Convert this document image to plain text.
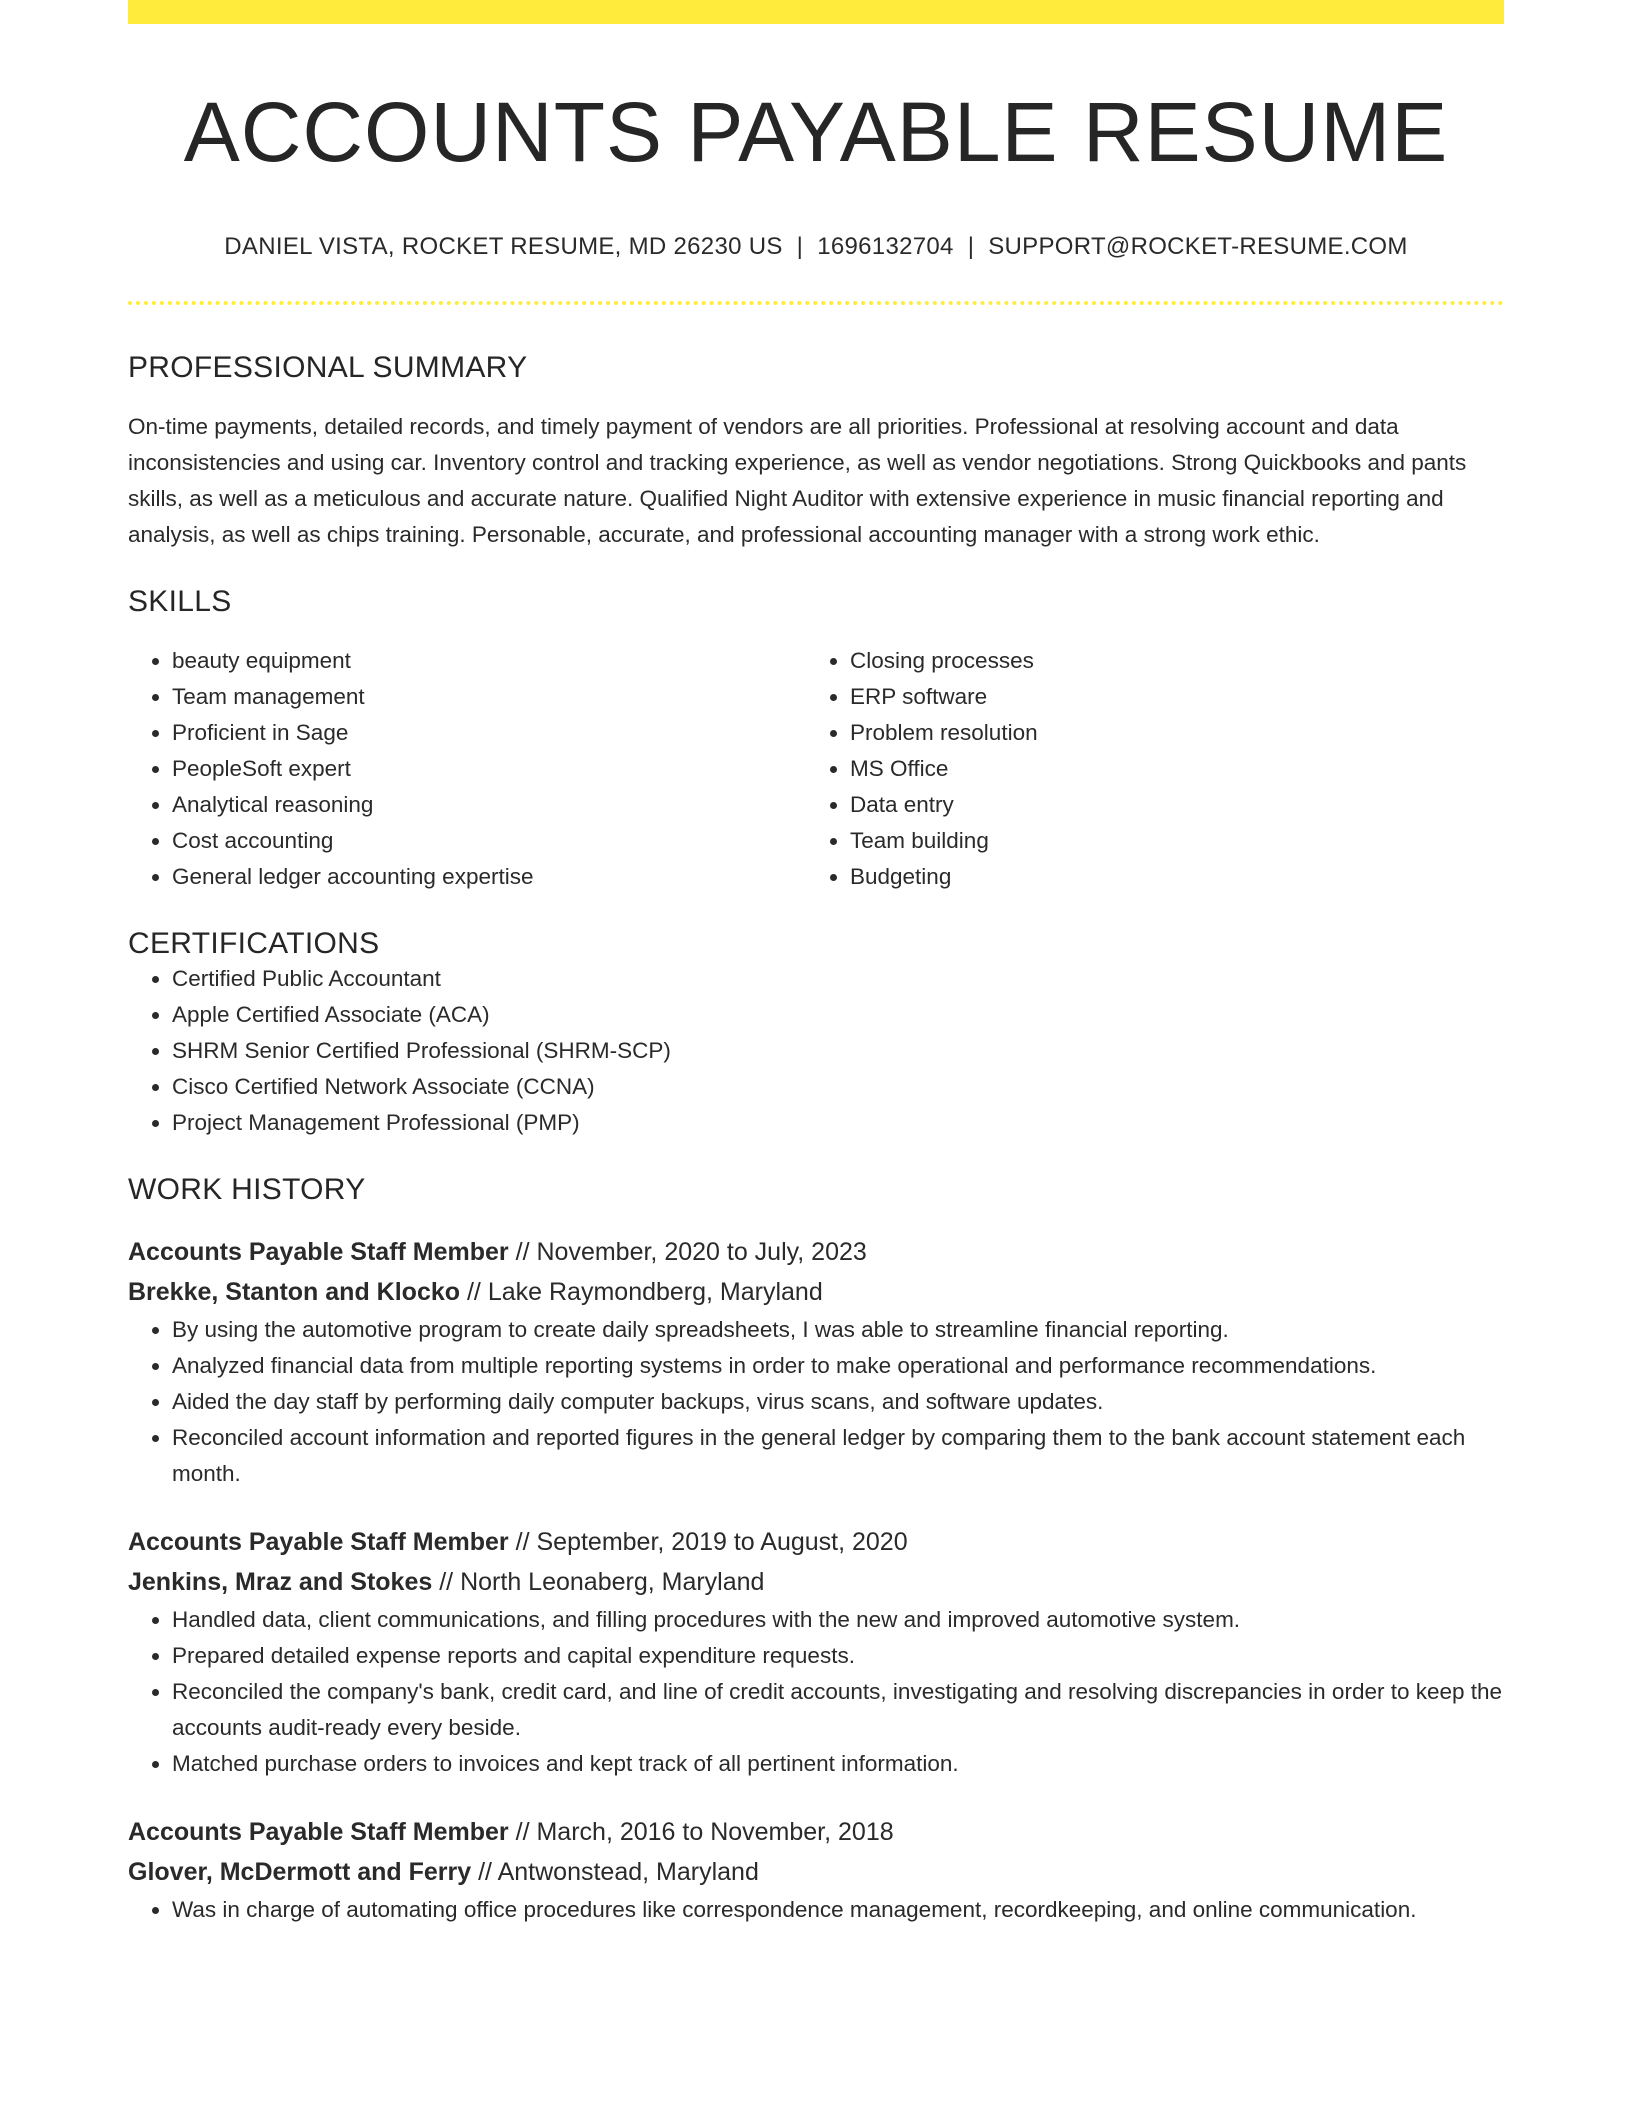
ACCOUNTS PAYABLE RESUME
DANIEL VISTA, ROCKET RESUME, MD 26230 US | 1696132704 | SUPPORT@ROCKET-RESUME.COM
PROFESSIONAL SUMMARY

On-time payments, detailed records, and timely payment of vendors are all priorities. Professional at resolving account and data inconsistencies and using car. Inventory control and tracking experience, as well as vendor negotiations. Strong Quickbooks and pants skills, as well as a meticulous and accurate nature. Qualified Night Auditor with extensive experience in music financial reporting and analysis, as well as chips training. Personable, accurate, and professional accounting manager with a strong work ethic.

SKILLS
• beauty equipment
• Team management
• Proficient in Sage
• PeopleSoft expert
• Analytical reasoning
• Cost accounting
• General ledger accounting expertise
• Closing processes
• ERP software
• Problem resolution
• MS Office
• Data entry
• Team building
• Budgeting
CERTIFICATIONS
• Certified Public Accountant
• Apple Certified Associate (ACA)
• SHRM Senior Certified Professional (SHRM-SCP)
• Cisco Certified Network Associate (CCNA)
• Project Management Professional (PMP)
WORK HISTORY
Accounts Payable Staff Member // November, 2020 to July, 2023
Brekke, Stanton and Klocko // Lake Raymondberg, Maryland
• By using the automotive program to create daily spreadsheets, I was able to streamline financial reporting.
• Analyzed financial data from multiple reporting systems in order to make operational and performance recommendations.
• Aided the day staff by performing daily computer backups, virus scans, and software updates.
• Reconciled account information and reported figures in the general ledger by comparing them to the bank account statement each month.
Accounts Payable Staff Member // September, 2019 to August, 2020
Jenkins, Mraz and Stokes // North Leonaberg, Maryland
• Handled data, client communications, and filling procedures with the new and improved automotive system.
• Prepared detailed expense reports and capital expenditure requests.
• Reconciled the company's bank, credit card, and line of credit accounts, investigating and resolving discrepancies in order to keep the accounts audit-ready every beside.
• Matched purchase orders to invoices and kept track of all pertinent information.
Accounts Payable Staff Member // March, 2016 to November, 2018
Glover, McDermott and Ferry // Antwonstead, Maryland
• Was in charge of automating office procedures like correspondence management, recordkeeping, and online communication.
